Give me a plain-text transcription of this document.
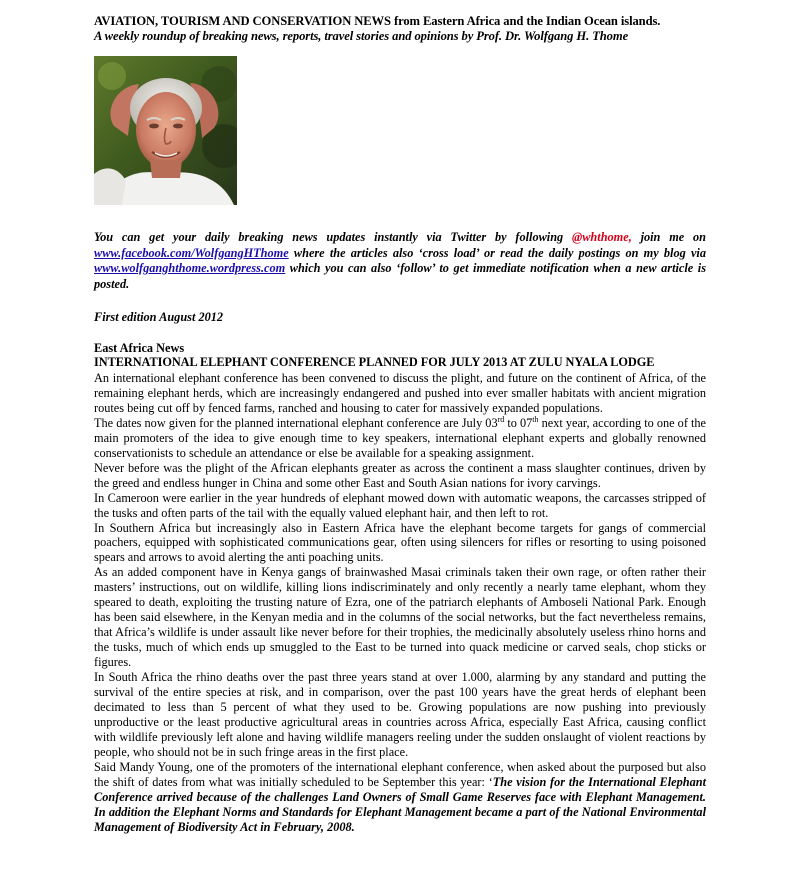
AVIATION, TOURISM AND CONSERVATION NEWS from Eastern Africa and the Indian Ocean islands.
A weekly roundup of breaking news, reports, travel stories and opinions by Prof. Dr. Wolfgang H. Thome
You can get your daily breaking news updates instantly via Twitter by following @whthome, join me on www.facebook.com/WolfgangHThome where the articles also ‘cross load’ or read the daily postings on my blog via www.wolfganghthome.wordpress.com which you can also ‘follow’ to get immediate notification when a new article is posted.
First edition August 2012
East Africa News
INTERNATIONAL ELEPHANT CONFERENCE PLANNED FOR JULY 2013 AT ZULU NYALA LODGE

An international elephant conference has been convened to discuss the plight, and future on the continent of Africa, of the remaining elephant herds, which are increasingly endangered and pushed into ever smaller habitats with ancient migration routes being cut off by fenced farms, ranched and housing to cater for massively expanded populations.

The dates now given for the planned international elephant conference are July 03rd to 07th next year, according to one of the main promoters of the idea to give enough time to key speakers, international elephant experts and globally renowned conservationists to schedule an attendance or else be available for a speaking assignment.

Never before was the plight of the African elephants greater as across the continent a mass slaughter continues, driven by the greed and endless hunger in China and some other East and South Asian nations for ivory carvings.

In Cameroon were earlier in the year hundreds of elephant mowed down with automatic weapons, the carcasses stripped of the tusks and often parts of the tail with the equally valued elephant hair, and then left to rot.

In Southern Africa but increasingly also in Eastern Africa have the elephant become targets for gangs of commercial poachers, equipped with sophisticated communications gear, often using silencers for rifles or resorting to using poisoned spears and arrows to avoid alerting the anti poaching units.

As an added component have in Kenya gangs of brainwashed Masai criminals taken their own rage, or often rather their masters’ instructions, out on wildlife, killing lions indiscriminately and only recently a nearly tame elephant, whom they speared to death, exploiting the trusting nature of Ezra, one of the patriarch elephants of Amboseli National Park. Enough has been said elsewhere, in the Kenyan media and in the columns of the social networks, but the fact nevertheless remains, that Africa’s wildlife is under assault like never before for their trophies, the medicinally absolutely useless rhino horns and the tusks, much of which ends up smuggled to the East to be turned into quack medicine or carved seals, chop sticks or figures.

In South Africa the rhino deaths over the past three years stand at over 1.000, alarming by any standard and putting the survival of the entire species at risk, and in comparison, over the past 100 years have the great herds of elephant been decimated to less than 5 percent of what they used to be. Growing populations are now pushing into previously unproductive or the least productive agricultural areas in countries across Africa, especially East Africa, causing conflict with wildlife previously left alone and having wildlife managers reeling under the sudden onslaught of violent reactions by people, who should not be in such fringe areas in the first place.

Said Mandy Young, one of the promoters of the international elephant conference, when asked about the purposed but also the shift of dates from what was initially scheduled to be September this year: ‘The vision for the International Elephant Conference arrived because of the challenges Land Owners of Small Game Reserves face with Elephant Management. In addition the Elephant Norms and Standards for Elephant Management became a part of the National Environmental Management of Biodiversity Act in February, 2008.
